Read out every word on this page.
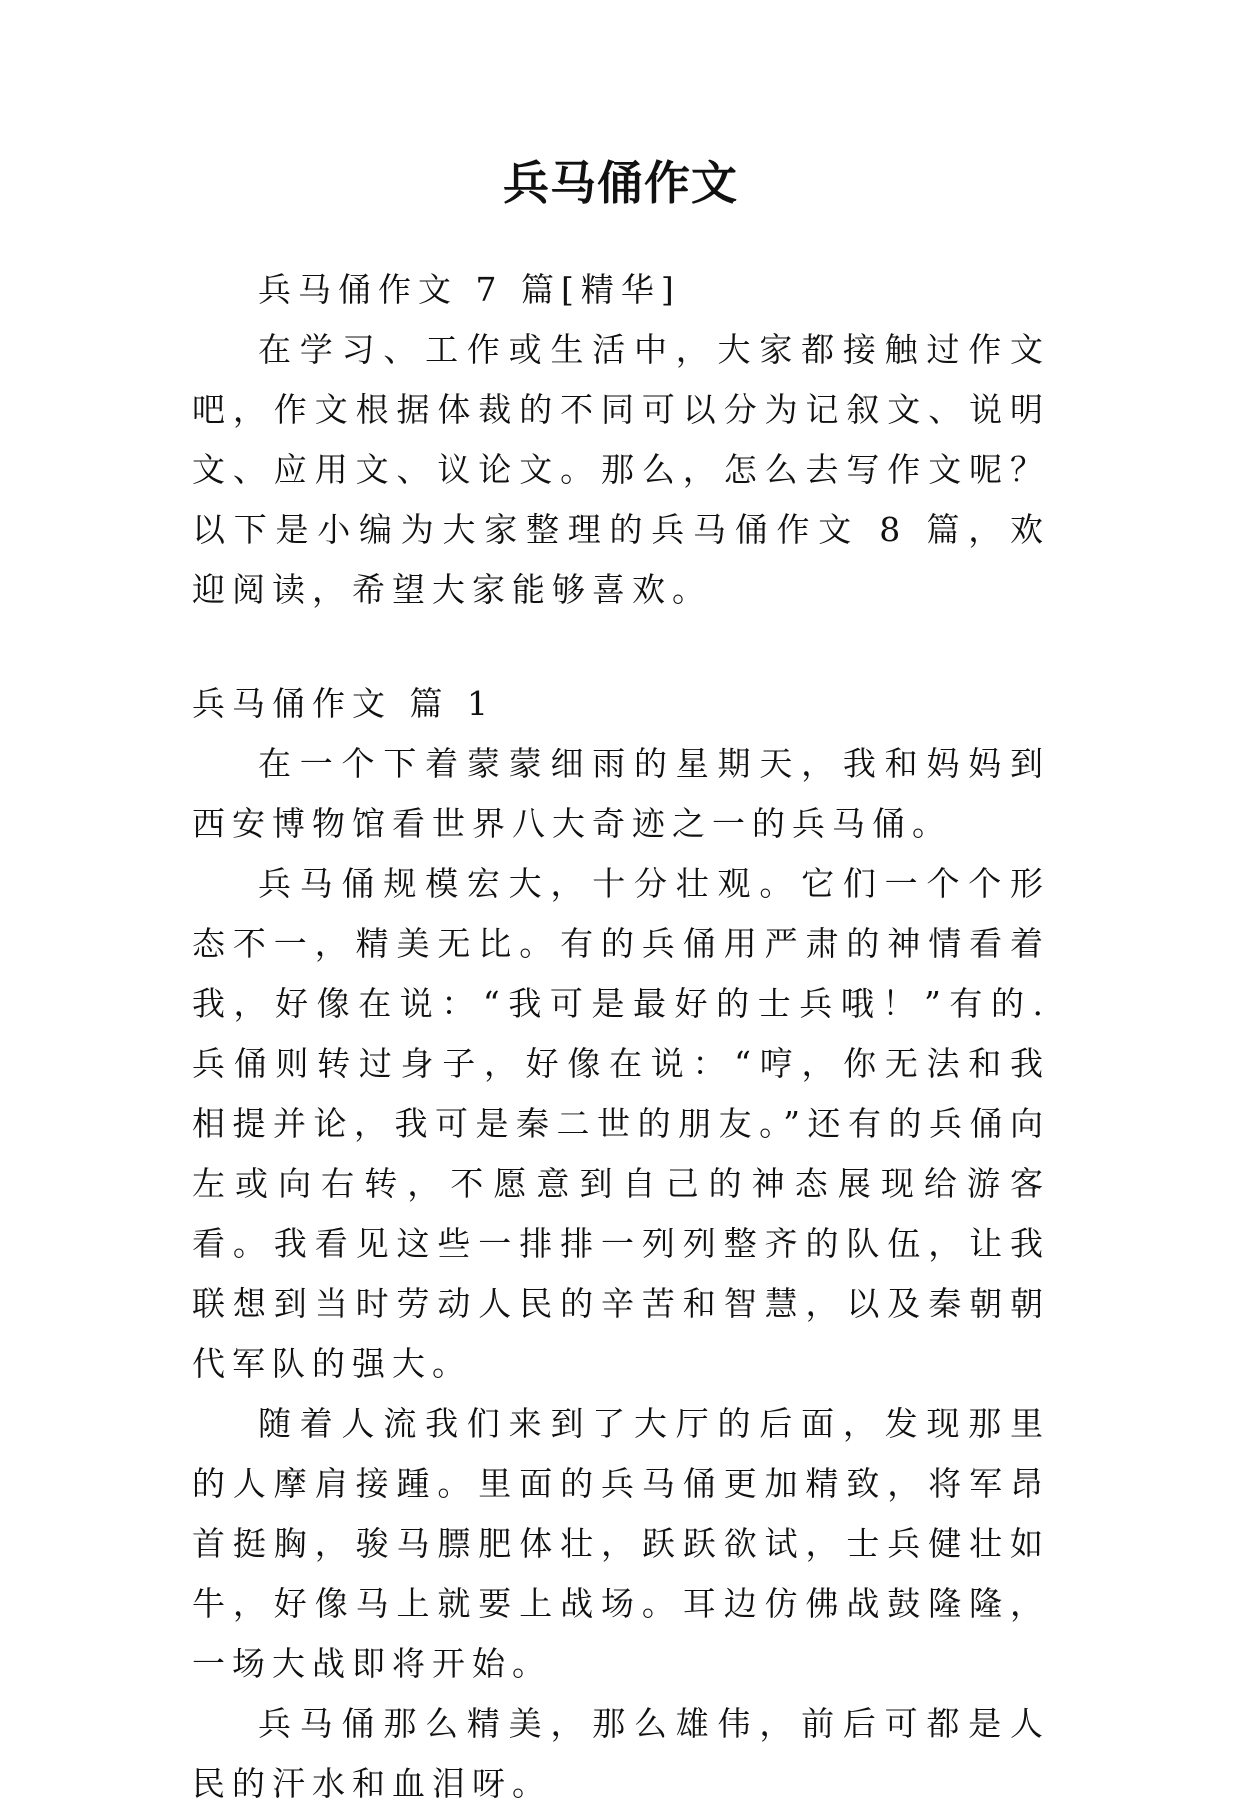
兵马俑作文

兵马俑作文 7 篇[精华]

在学习、工作或生活中，大家都接触过作文吧，作文根据体裁的不同可以分为记叙文、说明文、应用文、议论文。那么，怎么去写作文呢？以下是小编为大家整理的兵马俑作文 8 篇，欢迎阅读，希望大家能够喜欢。

兵马俑作文 篇 1

在一个下着蒙蒙细雨的星期天，我和妈妈到西安博物馆看世界八大奇迹之一的兵马俑。

兵马俑规模宏大，十分壮观。它们一个个形态不一，精美无比。有的兵俑用严肃的神情看着我，好像在说：“我可是最好的士兵哦！”有的.兵俑则转过身子，好像在说：“哼，你无法和我相提并论，我可是秦二世的朋友。”还有的兵俑向左或向右转，不愿意到自己的神态展现给游客看。我看见这些一排排一列列整齐的队伍，让我联想到当时劳动人民的辛苦和智慧，以及秦朝朝代军队的强大。

随着人流我们来到了大厅的后面，发现那里的人摩肩接踵。里面的兵马俑更加精致，将军昂首挺胸，骏马膘肥体壮，跃跃欲试，士兵健壮如牛，好像马上就要上战场。耳边仿佛战鼓隆隆，一场大战即将开始。

兵马俑那么精美，那么雄伟，前后可都是人民的汗水和血泪呀。
